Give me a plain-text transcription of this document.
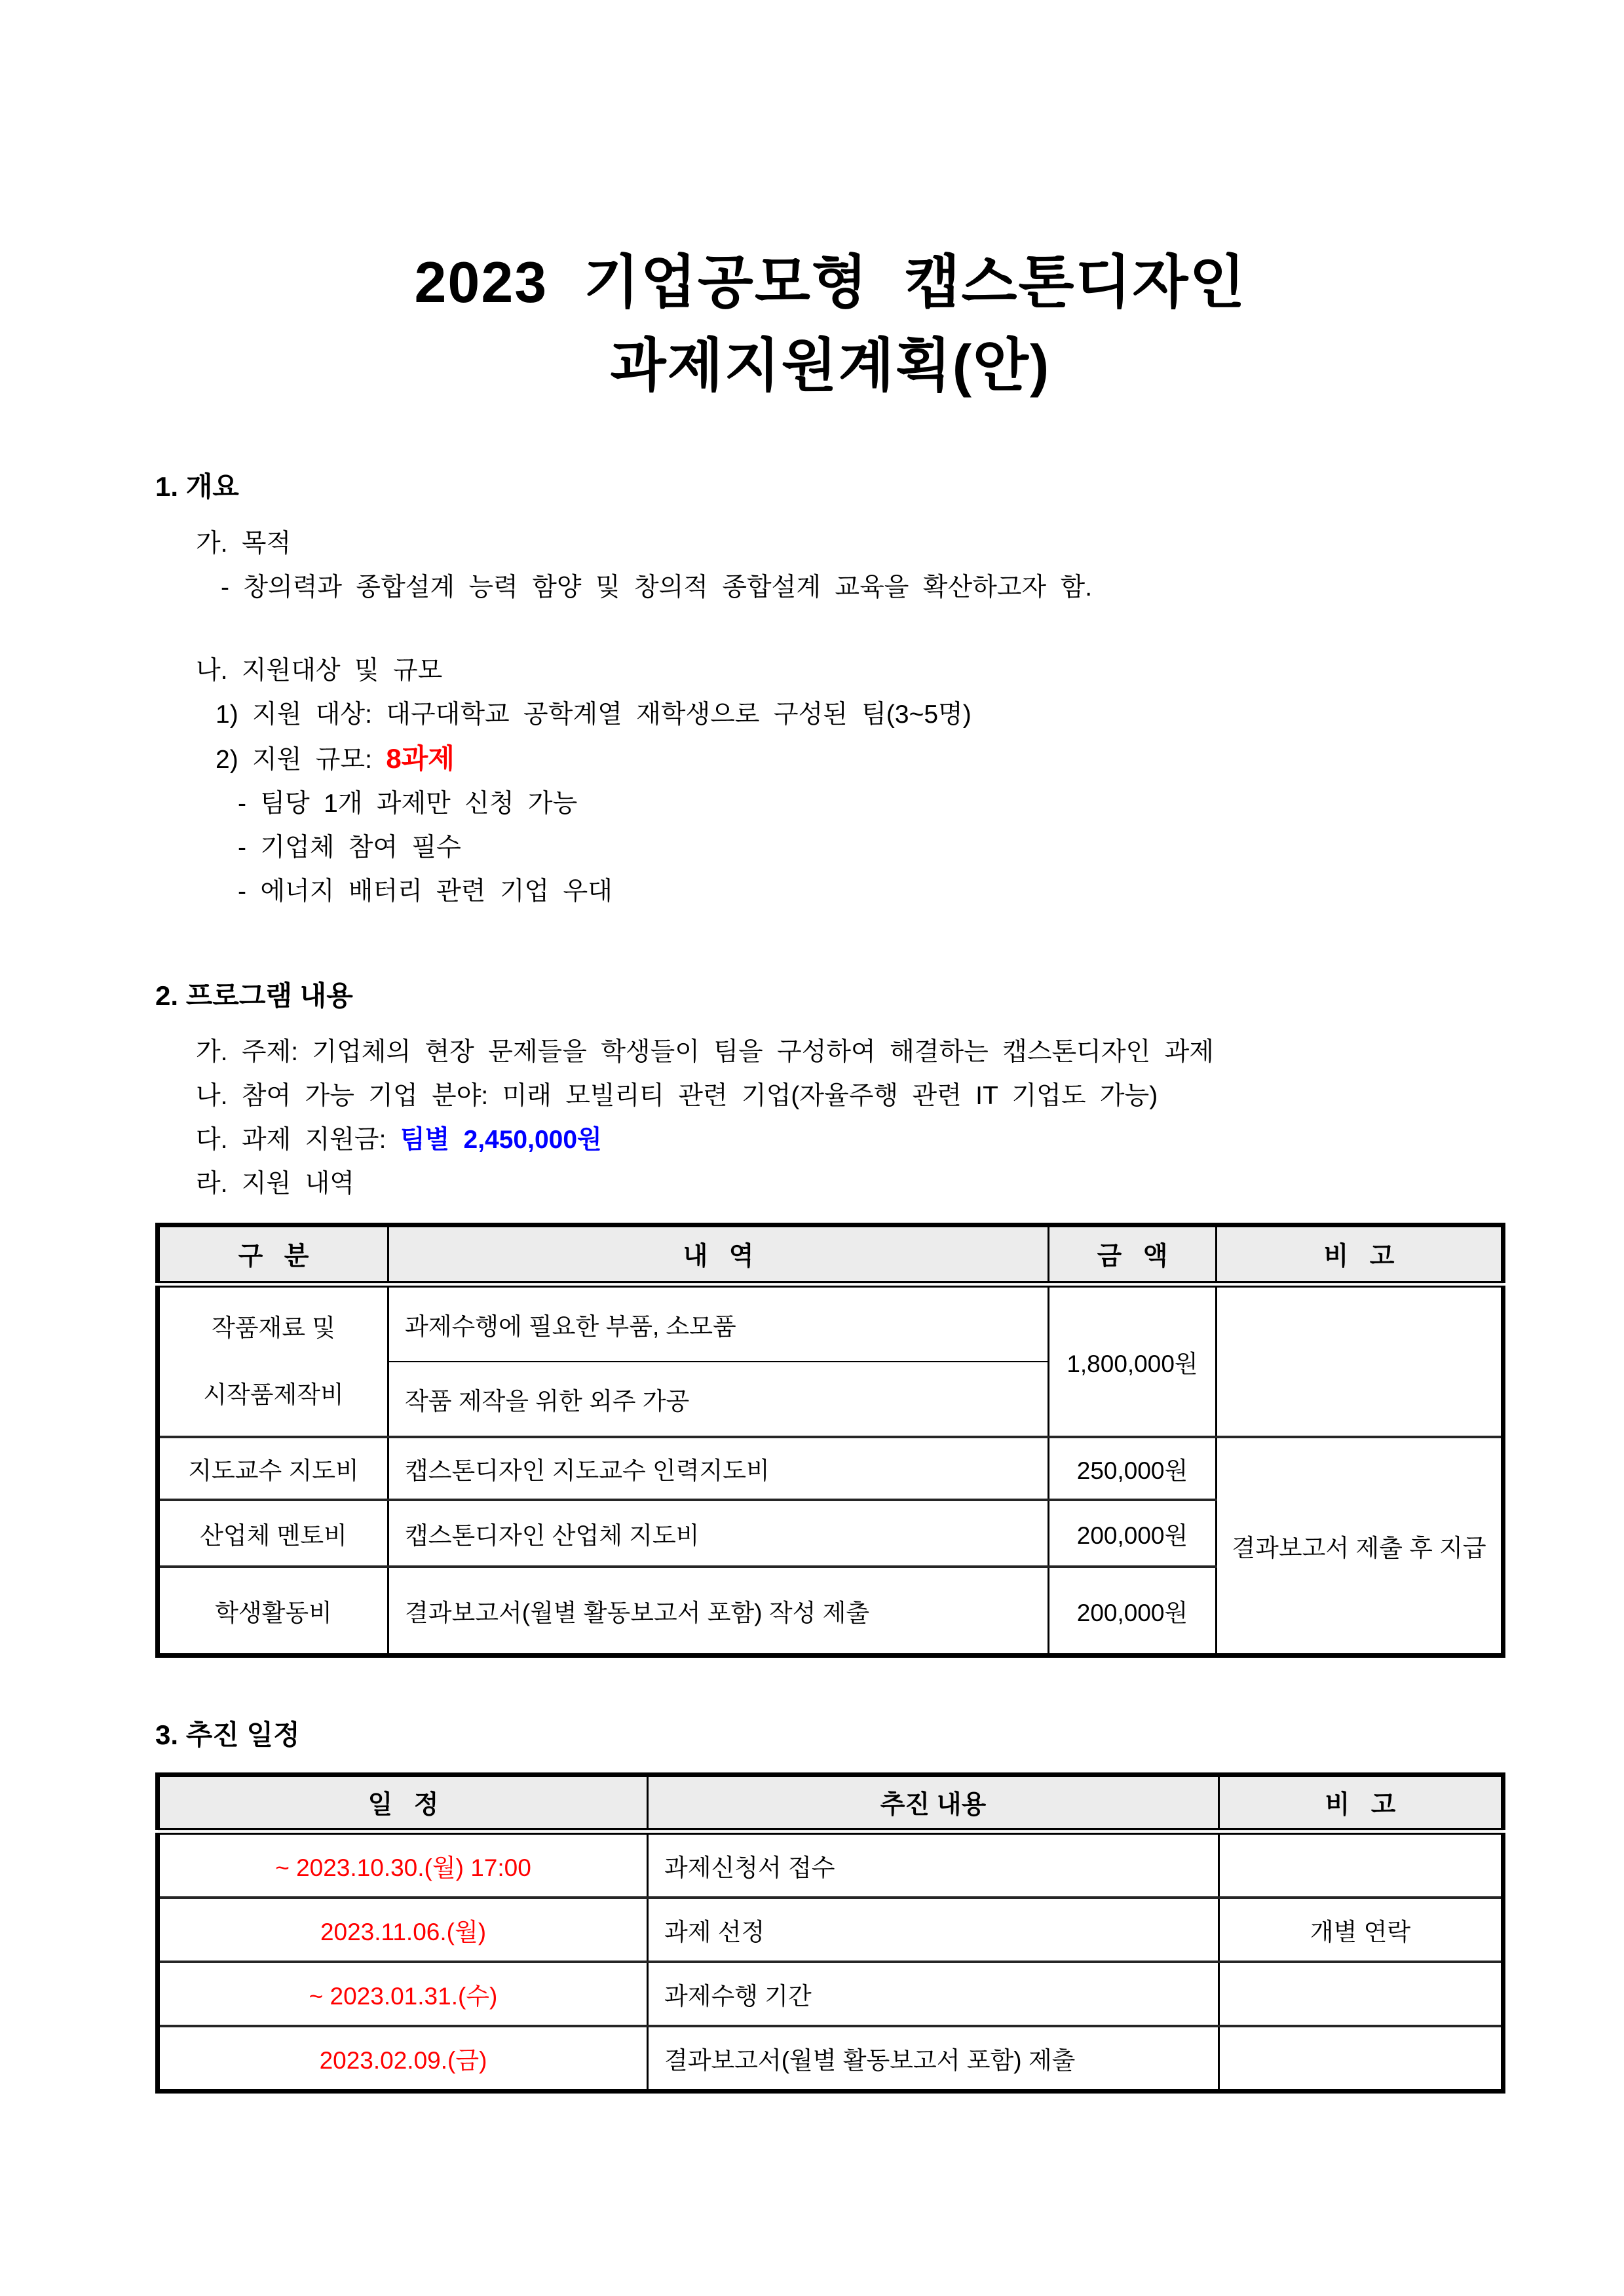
2023 기업공모형 캡스톤디자인
과제지원계획(안)

1. 개요

가. 목적

- 창의력과 종합설계 능력 함양 및 창의적 종합설계 교육을 확산하고자 함.

나. 지원대상 및 규모

1) 지원 대상: 대구대학교 공학계열 재학생으로 구성된 팀(3~5명)

2) 지원 규모: 8과제

- 팀당 1개 과제만 신청 가능

- 기업체 참여 필수

- 에너지 배터리 관련 기업 우대

2. 프로그램 내용

가. 주제: 기업체의 현장 문제들을 학생들이 팀을 구성하여 해결하는 캡스톤디자인 과제

나. 참여 가능 기업 분야: 미래 모빌리티 관련 기업(자율주행 관련 IT 기업도 가능)

다. 과제 지원금: 팀별 2,450,000원

라. 지원 내역

구   분	내   역	금   액	비   고

작품재료 및
시작품제작비	과제수행에 필요한 부품, 소모품	1,800,000원	
	작품 제작을 위한 외주 가공		
지도교수 지도비	캡스톤디자인 지도교수 인력지도비	250,000원	결과보고서 제출 후 지급
산업체 멘토비	캡스톤디자인 산업체 지도비	200,000원	
학생활동비	결과보고서(월별 활동보고서 포함) 작성 제출	200,000원	

3. 추진 일정

일   정	추진 내용	비   고
~ 2023.10.30.(월) 17:00	과제신청서 접수	
2023.11.06.(월)	과제 선정	개별 연락
~ 2023.01.31.(수)	과제수행 기간	
2023.02.09.(금)	결과보고서(월별 활동보고서 포함) 제출	
